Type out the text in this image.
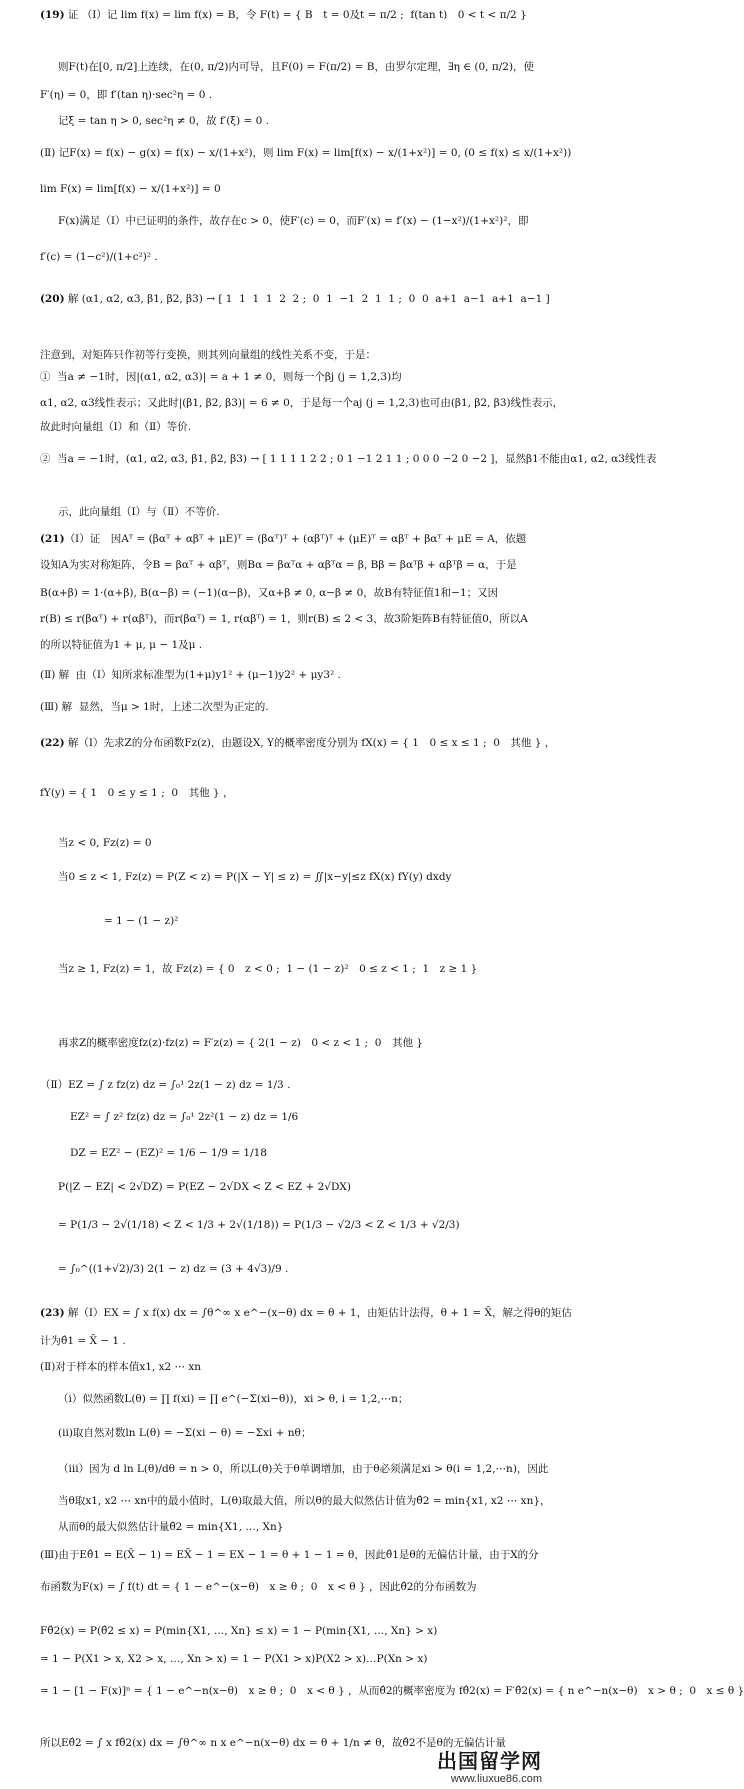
(19) 证 （Ⅰ）记 lim f(x) = lim f(x) = B，令 F(t) = { B　t = 0及t = π/2 ;  f(tan t)　0 < t < π/2 }
则F(t)在[0, π/2]上连续，在(0, π/2)内可导，且F(0) = F(π/2) = B，由罗尔定理，∃η ∈ (0, π/2)，使
F′(η) = 0，即 f′(tan η)·sec²η = 0 .
记ξ = tan η > 0, sec²η ≠ 0，故 f′(ξ) = 0 .
(Ⅱ) 记F(x) = f(x) − g(x) = f(x) − x/(1+x²)，则 lim F(x) = lim[f(x) − x/(1+x²)] = 0, (0 ≤ f(x) ≤ x/(1+x²))
lim F(x) = lim[f(x) − x/(1+x²)] = 0
F(x)满足（Ⅰ）中已证明的条件，故存在c > 0，使F′(c) = 0，而F′(x) = f′(x) − (1−x²)/(1+x²)²，即
f′(c) = (1−c²)/(1+c²)² .
(20) 解 (α1, α2, α3, β1, β2, β3) → [ 1  1  1  1  2  2 ;  0  1  −1  2  1  1 ;  0  0  a+1  a−1  a+1  a−1 ]
注意到，对矩阵只作初等行变换，则其列向量组的线性关系不变，于是：
①  当a ≠ −1时，因|(α1, α2, α3)| = a + 1 ≠ 0，则每一个βj (j = 1,2,3)均
α1, α2, α3线性表示；又此时|(β1, β2, β3)| = 6 ≠ 0，于是每一个aj (j = 1,2,3)也可由(β1, β2, β3)线性表示，
故此时向量组（Ⅰ）和（Ⅱ）等价.
②  当a = −1时，(α1, α2, α3, β1, β2, β3) → [ 1 1 1 1 2 2 ; 0 1 −1 2 1 1 ; 0 0 0 −2 0 −2 ]，显然β1不能由α1, α2, α3线性表
示，此向量组（Ⅰ）与（Ⅱ）不等价.
(21)（Ⅰ）证　因Aᵀ = (βαᵀ + αβᵀ + μE)ᵀ = (βαᵀ)ᵀ + (αβᵀ)ᵀ + (μE)ᵀ = αβᵀ + βαᵀ + μE = A，依题
设知A为实对称矩阵，令B = βαᵀ + αβᵀ，则Bα = βαᵀα + αβᵀα = β, Bβ = βαᵀβ + αβᵀβ = α，于是
B(α+β) = 1·(α+β), B(α−β) = (−1)(α−β)，又α+β ≠ 0, α−β ≠ 0，故B有特征值1和−1；又因
r(B) ≤ r(βαᵀ) + r(αβᵀ)，而r(βαᵀ) = 1, r(αβᵀ) = 1，则r(B) ≤ 2 < 3，故3阶矩阵B有特征值0，所以A
的所以特征值为1 + μ, μ − 1及μ .
(Ⅱ) 解  由（Ⅰ）知所求标准型为(1+μ)y1² + (μ−1)y2² + μy3² .
(Ⅲ) 解  显然，当μ > 1时，上述二次型为正定的.
(22) 解（Ⅰ）先求Z的分布函数Fz(z)，由题设X, Y的概率密度分别为 fX(x) = { 1　0 ≤ x ≤ 1 ;  0　其他 } ，
fY(y) = { 1　0 ≤ y ≤ 1 ;  0　其他 } ，
当z < 0, Fz(z) = 0
当0 ≤ z < 1, Fz(z) = P(Z < z) = P(|X − Y| ≤ z) = ∬|x−y|≤z fX(x) fY(y) dxdy
= 1 − (1 − z)²
当z ≥ 1, Fz(z) = 1，故 Fz(z) = { 0　z < 0 ;  1 − (1 − z)²　0 ≤ z < 1 ;  1　z ≥ 1 }
再求Z的概率密度fz(z)·fz(z) = F′z(z) = { 2(1 − z)　0 < z < 1 ;  0　其他 }
（Ⅱ）EZ = ∫ z fz(z) dz = ∫₀¹ 2z(1 − z) dz = 1/3 .
EZ² = ∫ z² fz(z) dz = ∫₀¹ 2z²(1 − z) dz = 1/6
DZ = EZ² − (EZ)² = 1/6 − 1/9 = 1/18
P(|Z − EZ| < 2√DZ) = P(EZ − 2√DX < Z < EZ + 2√DX)
= P(1/3 − 2√(1/18) < Z < 1/3 + 2√(1/18)) = P(1/3 − √2/3 < Z < 1/3 + √2/3)
= ∫₀^((1+√2)/3) 2(1 − z) dz = (3 + 4√3)/9 .
(23) 解（Ⅰ）EX = ∫ x f(x) dx = ∫θ^∞ x e^−(x−θ) dx = θ + 1，由矩估计法得，θ + 1 = X̄，解之得θ的矩估
计为θ̂1 = X̄ − 1 .
(Ⅱ)对于样本的样本值x1, x2 ⋯ xn
（i）似然函数L(θ) = ∏ f(xi) = ∏ e^(−Σ(xi−θ))，xi > θ, i = 1,2,⋯n；
(ii)取自然对数ln L(θ) = −Σ(xi − θ) = −Σxi + nθ；
（iii）因为 d ln L(θ)/dθ = n > 0，所以L(θ)关于θ单调增加，由于θ必须满足xi > θ(i = 1,2,⋯n)，因此
当θ取x1, x2 ⋯ xn中的最小值时，L(θ)取最大值，所以θ的最大似然估计值为θ̂2 = min{x1, x2 ⋯ xn}，
从而θ的最大似然估计量θ̂2 = min{X1, …, Xn}
(Ⅲ)由于Eθ̂1 = E(X̄ − 1) = EX̄ − 1 = EX − 1 = θ + 1 − 1 = θ，因此θ̂1是θ的无偏估计量，由于X的分
布函数为F(x) = ∫ f(t) dt = { 1 − e^−(x−θ)　x ≥ θ ;  0　x < θ } ，因此θ̂2的分布函数为
Fθ̂2(x) = P(θ̂2 ≤ x) = P(min{X1, …, Xn} ≤ x) = 1 − P(min{X1, …, Xn} > x)
= 1 − P(X1 > x, X2 > x, …, Xn > x) = 1 − P(X1 > x)P(X2 > x)…P(Xn > x)
= 1 − [1 − F(x)]ⁿ = { 1 − e^−n(x−θ)　x ≥ θ ;  0　x < θ } ，从而θ̂2的概率密度为 fθ̂2(x) = F′θ̂2(x) = { n e^−n(x−θ)　x > θ ;  0　x ≤ θ }
所以Eθ̂2 = ∫ x fθ̂2(x) dx = ∫θ^∞ n x e^−n(x−θ) dx = θ + 1/n ≠ θ，故θ̂2不是θ的无偏估计量
出国留学网
www.liuxue86.com
